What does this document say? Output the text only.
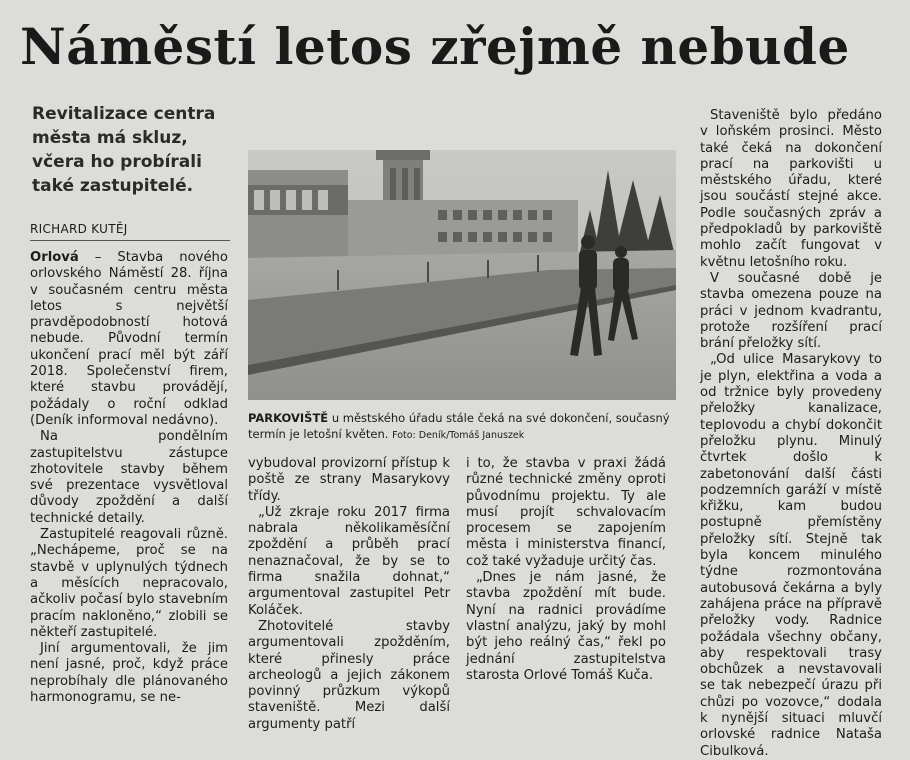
Náměstí letos zřejmě nebude
Revitalizace centra města má skluz, včera ho probírali také zastupitelé.
RICHARD KUTĚJ

Orlová – Stavba nového orlovského Náměstí 28. října v současném centru města letos s největší pravděpodobností hotová nebude. Původní termín ukončení prací měl být září 2018. Společenství firem, které stavbu provádějí, požádaly o roční odklad (Deník informoval nedávno).

Na pondělním zastupitelstvu zástupce zhotovitele stavby během své prezentace vysvětloval důvody zpoždění a další technické detaily.

Zastupitelé reagovali různě. „Nechápeme, proč se na stavbě v uplynulých týdnech a měsících nepracovalo, ačkoliv počasí bylo stavebním pracím nakloněno,“ zlobili se někteří zastupitelé.

Jiní argumentovali, že jim není jasné, proč, když práce neprobíhaly dle plánovaného harmonogramu, se ne-

PARKOVIŠTĚ u městského úřadu stále čeká na své dokončení, současný termín je letošní květen. Foto: Deník/Tomáš Januszek

vybudoval provizorní přístup k poště ze strany Masarykovy třídy.

„Už zkraje roku 2017 firma nabrala několikaměsíční zpoždění a průběh prací nenaznačoval, že by se to firma snažila dohnat,“ argumentoval zastupitel Petr Koláček.

Zhotovitelé stavby argumentovali zpožděním, které přinesly práce archeologů a jejich zákonem povinný průzkum výkopů staveniště. Mezi další argumenty patří

i to, že stavba v praxi žádá různé technické změny oproti původnímu projektu. Ty ale musí projít schvalovacím procesem se zapojením města i ministerstva financí, což také vyžaduje určitý čas.

„Dnes je nám jasné, že stavba zpoždění mít bude. Nyní na radnici provádíme vlastní analýzu, jaký by mohl být jeho reálný čas,“ řekl po jednání zastupitelstva starosta Orlové Tomáš Kuča.

Staveniště bylo předáno v loňském prosinci. Město také čeká na dokončení prací na parkovišti u městského úřadu, které jsou součástí stejné akce. Podle současných zpráv a předpokladů by parkoviště mohlo začít fungovat v květnu letošního roku.

V současné době je stavba omezena pouze na práci v jednom kvadrantu, protože rozšíření prací brání přeložky sítí.

„Od ulice Masarykovy to je plyn, elektřina a voda a od tržnice byly provedeny přeložky kanalizace, teplovodu a chybí dokončit přeložku plynu. Minulý čtvrtek došlo k zabetonování další části podzemních garáží v místě křižku, kam budou postupně přemístěny přeložky sítí. Stejně tak byla koncem minulého týdne rozmontována autobusová čekárna a byly zahájena práce na přípravě přeložky vody. Radnice požádala všechny občany, aby respektovali trasy obchůzek a nevstavovali se tak nebezpečí úrazu při chůzi po vozovce,“ dodala k nynější situaci mluvčí orlovské radnice Nataša Cibulková.
